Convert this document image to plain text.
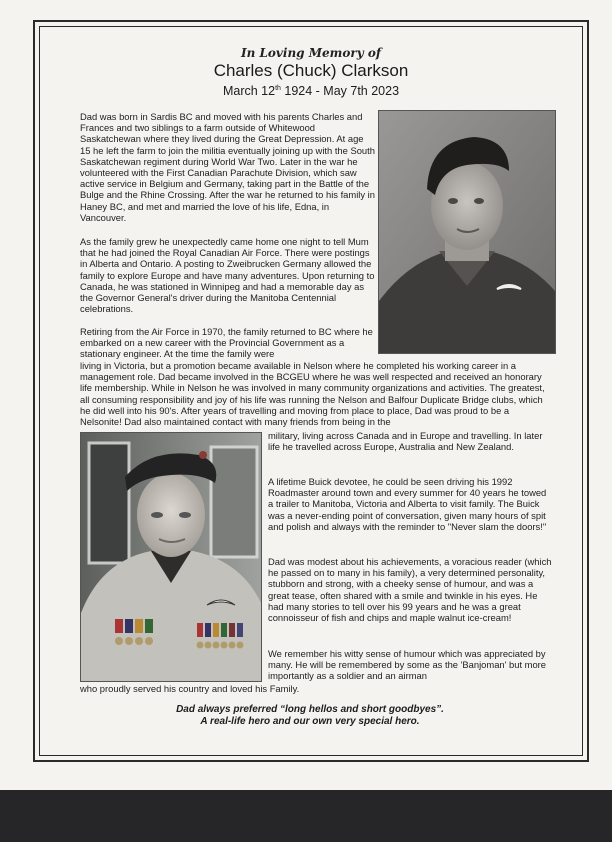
In Loving Memory of

Charles (Chuck) Clarkson

March 12th 1924 - May 7th 2023

Dad was born in Sardis BC and moved with his parents Charles and Frances and two siblings to a farm outside of Whitewood Saskatchewan where they lived during the Great Depression. At age 15 he left the farm to join the militia eventually joining up with the South Saskatchewan regiment during World War Two. Later in the war he volunteered with the First Canadian Parachute Division, which saw active service in Belgium and Germany, taking part in the Battle of the Bulge and the Rhine Crossing. After the war he returned to his family in Haney BC, and met and married the love of his life, Edna, in Vancouver.

As the family grew he unexpectedly came home one night to tell Mum that he had joined the Royal Canadian Air Force. There were postings in Alberta and Ontario. A posting to Zweibrucken Germany allowed the family to explore Europe and have many adventures. Upon returning to Canada, he was stationed in Winnipeg and had a memorable day as the Governor General's driver during the Manitoba Centennial celebrations.

Retiring from the Air Force in 1970, the family returned to BC where he embarked on a new career with the Provincial Government as a stationary engineer. At the time the family were

living in Victoria, but a promotion became available in Nelson where he completed his working career in a management role. Dad became involved in the BCGEU where he was well respected and received an honorary life membership. While in Nelson he was involved in many community organizations and activities. The greatest, all consuming responsibility and joy of his life was running the Nelson and Balfour Duplicate Bridge clubs, which he did well into his 90's. After years of travelling and moving from place to place, Dad was proud to be a Nelsonite! Dad also maintained contact with many friends from being in the

military, living across Canada and in Europe and travelling. In later life he travelled across Europe, Australia and New Zealand.

A lifetime Buick devotee, he could be seen driving his 1992 Roadmaster around town and every summer for 40 years he towed a trailer to Manitoba, Victoria and Alberta to visit family. The Buick was a never-ending point of conversation, given many hours of spit and polish and always with the reminder to "Never slam the doors!"

Dad was modest about his achievements, a voracious reader (which he passed on to many in his family), a very determined personality, stubborn and strong, with a cheeky sense of humour, and was a great tease, often shared with a smile and twinkle in his eyes. He had many stories to tell over his 99 years and he was a great connoisseur of fish and chips and maple walnut ice-cream!

We remember his witty sense of humour which was appreciated by many. He will be remembered by some as the 'Banjoman' but more importantly as a soldier and an airman

who proudly served his country and loved his Family.

Dad always preferred “long hellos and short goodbyes”.

A real-life hero and our own very special hero.
